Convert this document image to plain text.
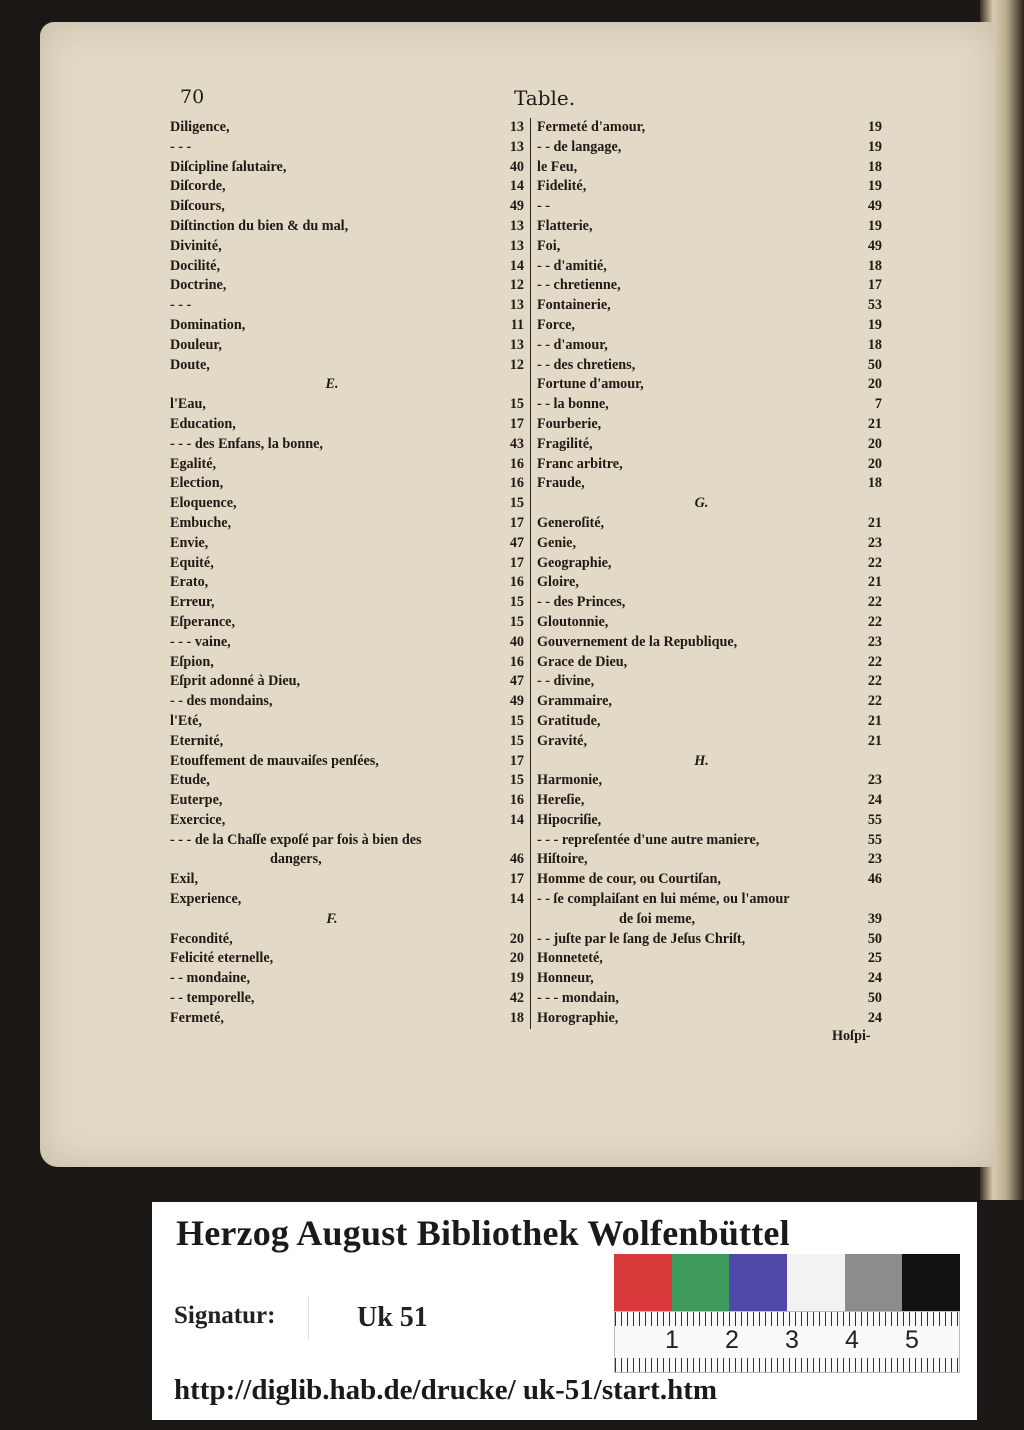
70	Table.
Diligence,	13
- - -	13
Diſcipline ſalutaire,	40
Diſcorde,	14
Diſcours,	49
Diſtinction du bien & du mal,	13
Divinité,	13
Docilité,	14
Doctrine,	12
- - -	13
Domination,	11
Douleur,	13
Doute,	12
E.
l'Eau,	15
Education,	17
- - - des Enfans, la bonne,	43
Egalité,	16
Election,	16
Eloquence,	15
Embuche,	17
Envie,	47
Equité,	17
Erato,	16
Erreur,	15
Eſperance,	15
- - - vaine,	40
Eſpion,	16
Eſprit adonné à Dieu,	47
- - des mondains,	49
l'Eté,	15
Eternité,	15
Etouffement de mauvaiſes penſées,	17
Etude,	15
Euterpe,	16
Exercice,	14
- - - de la Chaſſe expoſé par fois à bien des
dangers,	46
Exil,	17
Experience,	14
F.
Fecondité,	20
Felicité eternelle,	20
- - mondaine,	19
- - temporelle,	42
Fermeté,	18
Fermeté d'amour,	19
- - de langage,	19
le Feu,	18
Fidelité,	19
- -	49
Flatterie,	19
Foi,	49
- - d'amitié,	18
- - chretienne,	17
Fontainerie,	53
Force,	19
- - d'amour,	18
- - des chretiens,	50
Fortune d'amour,	20
- - la bonne,	7
Fourberie,	21
Fragilité,	20
Franc arbitre,	20
Fraude,	18
G.
Generoſité,	21
Genie,	23
Geographie,	22
Gloire,	21
- - des Princes,	22
Gloutonnie,	22
Gouvernement de la Republique,	23
Grace de Dieu,	22
- - divine,	22
Grammaire,	22
Gratitude,	21
Gravité,	21
H.
Harmonie,	23
Hereſie,	24
Hipocriſie,	55
- - - repreſentée d'une autre maniere,	55
Hiſtoire,	23
Homme de cour, ou Courtiſan,	46
- - ſe complaiſant en lui méme, ou l'amour
de ſoi meme,	39
- - juſte par le ſang de Jeſus Chriſt,	50
Honneteté,	25
Honneur,	24
- - - mondain,	50
Horographie,	24
Hoſpi-
Herzog August Bibliothek Wolfenbüttel
1 2 3 4 5
Signatur:	Uk 51
http://diglib.hab.de/drucke/ uk-51/start.htm
